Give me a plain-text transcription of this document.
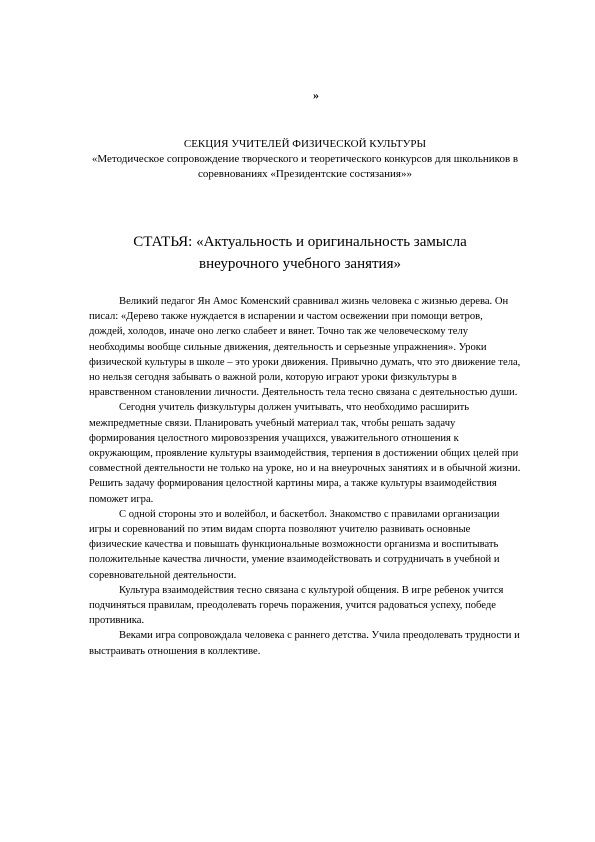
»
СЕКЦИЯ УЧИТЕЛЕЙ ФИЗИЧЕСКОЙ КУЛЬТУРЫ
«Методическое сопровождение творческого и теоретического конкурсов для школьников в соревнованиях «Президентские состязания»»
СТАТЬЯ: «Актуальность и оригинальность замысла внеурочного учебного занятия»

Великий педагог Ян Амос Коменский сравнивал жизнь человека с жизнью дерева. Он писал: «Дерево также нуждается в испарении и частом освежении при помощи ветров, дождей, холодов, иначе оно легко слабеет и вянет. Точно так же человеческому телу необходимы вообще сильные движения, деятельность и серьезные упражнения». Уроки физической культуры в школе – это уроки движения. Привычно думать, что это движение тела, но нельзя сегодня забывать о важной роли, которую играют уроки физкультуры в нравственном становлении личности. Деятельность тела тесно связана с деятельностью души.

Сегодня учитель физкультуры должен учитывать, что необходимо расширить межпредметные связи. Планировать учебный материал так, чтобы решать задачу формирования целостного мировоззрения учащихся, уважительного отношения к окружающим, проявление культуры взаимодействия, терпения в достижении общих целей при совместной деятельности не только на уроке, но и на внеурочных занятиях и в обычной жизни. Решить задачу формирования целостной картины мира, а также культуры взаимодействия поможет игра.

С одной стороны это и волейбол, и баскетбол. Знакомство с правилами организации игры и соревнований по этим видам спорта позволяют учителю развивать основные физические качества и повышать функциональные возможности организма и воспитывать положительные качества личности, умение взаимодействовать и сотрудничать в учебной и соревновательной деятельности.

Культура взаимодействия тесно связана с культурой общения. В игре ребенок учится подчиняться правилам, преодолевать горечь поражения, учится радоваться успеху, победе противника.

Веками игра сопровождала человека с раннего детства. Учила преодолевать трудности и выстраивать отношения в коллективе.
